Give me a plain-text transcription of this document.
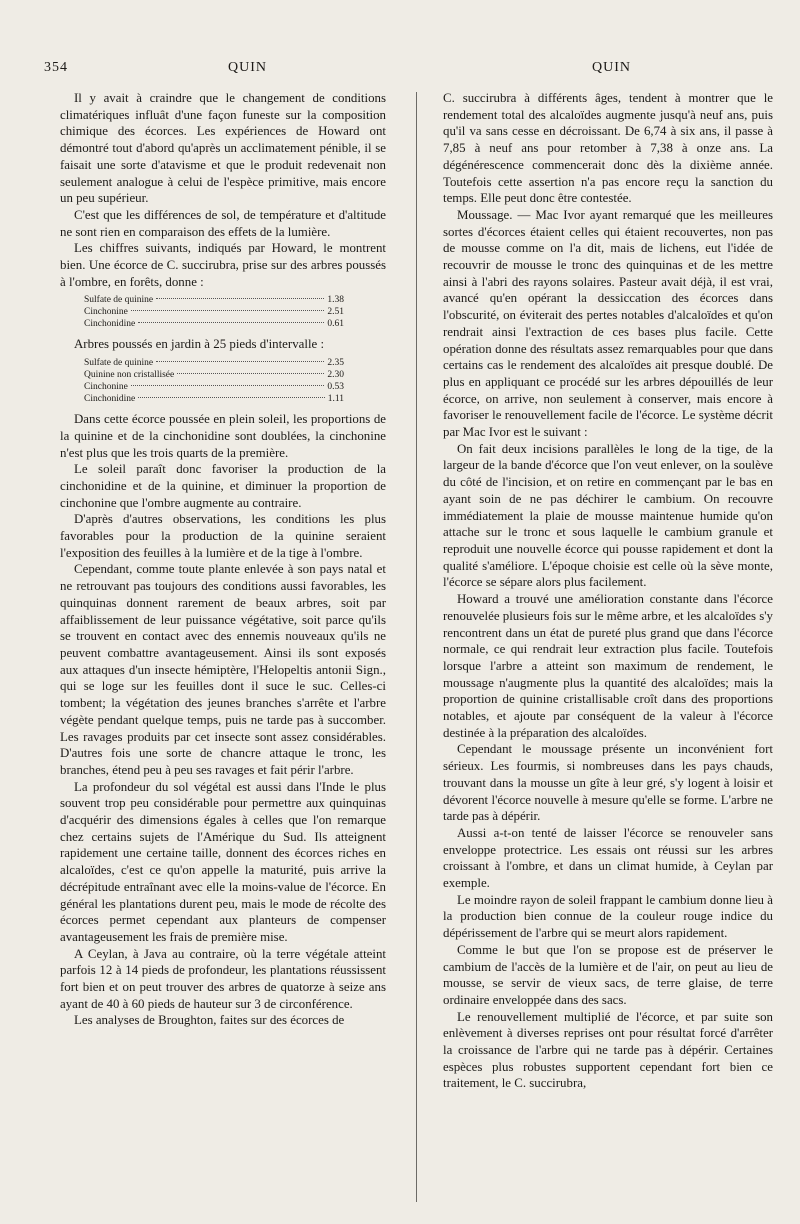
354	QUIN	QUIN

Il y avait à craindre que le changement de conditions climatériques influât d'une façon funeste sur la composition chimique des écorces. Les expériences de Howard ont démontré tout d'abord qu'après un acclimatement pénible, il se faisait une sorte d'atavisme et que le produit redevenait non seulement analogue à celui de l'espèce primitive, mais encore un peu supérieur.

C'est que les différences de sol, de température et d'altitude ne sont rien en comparaison des effets de la lumière.

Les chiffres suivants, indiqués par Howard, le montrent bien. Une écorce de C. succirubra, prise sur des arbres poussés à l'ombre, en forêts, donne :

Sulfate de quinine	1.38
Cinchonine	2.51
Cinchonidine	0.61

Arbres poussés en jardin à 25 pieds d'intervalle :

Sulfate de quinine	2.35
Quinine non cristallisée	2.30
Cinchonine	0.53
Cinchonidine	1.11

Dans cette écorce poussée en plein soleil, les proportions de la quinine et de la cinchonidine sont doublées, la cinchonine n'est plus que les trois quarts de la première.

Le soleil paraît donc favoriser la production de la cinchonidine et de la quinine, et diminuer la proportion de cinchonine que l'ombre augmente au contraire.

D'après d'autres observations, les conditions les plus favorables pour la production de la quinine seraient l'exposition des feuilles à la lumière et de la tige à l'ombre.

Cependant, comme toute plante enlevée à son pays natal et ne retrouvant pas toujours des conditions aussi favorables, les quinquinas donnent rarement de beaux arbres, soit par affaiblissement de leur puissance végétative, soit parce qu'ils se trouvent en contact avec des ennemis nouveaux qu'ils ne peuvent combattre avantageusement. Ainsi ils sont exposés aux attaques d'un insecte hémiptère, l'Helopeltis antonii Sign., qui se loge sur les feuilles dont il suce le suc. Celles-ci tombent; la végétation des jeunes branches s'arrête et l'arbre végète pendant quelque temps, puis ne tarde pas à succomber. Les ravages produits par cet insecte sont assez considérables. D'autres fois une sorte de chancre attaque le tronc, les branches, étend peu à peu ses ravages et fait périr l'arbre.

La profondeur du sol végétal est aussi dans l'Inde le plus souvent trop peu considérable pour permettre aux quinquinas d'acquérir des dimensions égales à celles que l'on remarque chez certains sujets de l'Amérique du Sud. Ils atteignent rapidement une certaine taille, donnent des écorces riches en alcaloïdes, c'est ce qu'on appelle la maturité, puis arrive la décrépitude entraînant avec elle la moins-value de l'écorce. En général les plantations durent peu, mais le mode de récolte des écorces permet cependant aux planteurs de compenser avantageusement les frais de première mise.

A Ceylan, à Java au contraire, où la terre végétale atteint parfois 12 à 14 pieds de profondeur, les plantations réussissent fort bien et on peut trouver des arbres de quatorze à seize ans ayant de 40 à 60 pieds de hauteur sur 3 de circonférence.

Les analyses de Broughton, faites sur des écorces de

C. succirubra à différents âges, tendent à montrer que le rendement total des alcaloïdes augmente jusqu'à neuf ans, puis qu'il va sans cesse en décroissant. De 6,74 à six ans, il passe à 7,85 à neuf ans pour retomber à 7,38 à onze ans. La dégénérescence commencerait donc dès la dixième année. Toutefois cette assertion n'a pas encore reçu la sanction du temps. Elle peut donc être contestée.

Moussage. — Mac Ivor ayant remarqué que les meilleures sortes d'écorces étaient celles qui étaient recouvertes, non pas de mousse comme on l'a dit, mais de lichens, eut l'idée de recouvrir de mousse le tronc des quinquinas et de les mettre ainsi à l'abri des rayons solaires. Pasteur avait déjà, il est vrai, avancé qu'en opérant la dessiccation des écorces dans l'obscurité, on éviterait des pertes notables d'alcaloïdes et qu'on rendrait ainsi l'extraction de ces bases plus facile. Cette opération donne des résultats assez remarquables pour que dans certains cas le rendement des alcaloïdes ait presque doublé. De plus en appliquant ce procédé sur les arbres dépouillés de leur écorce, on arrive, non seulement à conserver, mais encore à favoriser le renouvellement facile de l'écorce. Le système décrit par Mac Ivor est le suivant :

On fait deux incisions parallèles le long de la tige, de la largeur de la bande d'écorce que l'on veut enlever, on la soulève du côté de l'incision, et on retire en commençant par le bas en ayant soin de ne pas déchirer le cambium. On recouvre immédiatement la plaie de mousse maintenue humide qu'on attache sur le tronc et sous laquelle le cambium granule et reproduit une nouvelle écorce qui pousse rapidement et dont la qualité s'améliore. L'époque choisie est celle où la sève monte, l'écorce se sépare alors plus facilement.

Howard a trouvé une amélioration constante dans l'écorce renouvelée plusieurs fois sur le même arbre, et les alcaloïdes s'y rencontrent dans un état de pureté plus grand que dans l'écorce normale, ce qui rendrait leur extraction plus facile. Toutefois lorsque l'arbre a atteint son maximum de rendement, le moussage n'augmente plus la quantité des alcaloïdes; mais la proportion de quinine cristallisable croît dans des proportions notables, et ajoute par conséquent de la valeur à l'écorce destinée à la préparation des alcaloïdes.

Cependant le moussage présente un inconvénient fort sérieux. Les fourmis, si nombreuses dans les pays chauds, trouvant dans la mousse un gîte à leur gré, s'y logent à loisir et dévorent l'écorce nouvelle à mesure qu'elle se forme. L'arbre ne tarde pas à dépérir.

Aussi a-t-on tenté de laisser l'écorce se renouveler sans enveloppe protectrice. Les essais ont réussi sur les arbres croissant à l'ombre, et dans un climat humide, à Ceylan par exemple.

Le moindre rayon de soleil frappant le cambium donne lieu à la production bien connue de la couleur rouge indice du dépérissement de l'arbre qui se meurt alors rapidement.

Comme le but que l'on se propose est de préserver le cambium de l'accès de la lumière et de l'air, on peut au lieu de mousse, se servir de vieux sacs, de terre glaise, de terre ordinaire enveloppée dans des sacs.

Le renouvellement multiplié de l'écorce, et par suite son enlèvement à diverses reprises ont pour résultat forcé d'arrêter la croissance de l'arbre qui ne tarde pas à dépérir. Certaines espèces plus robustes supportent cependant fort bien ce traitement, le C. succirubra,
